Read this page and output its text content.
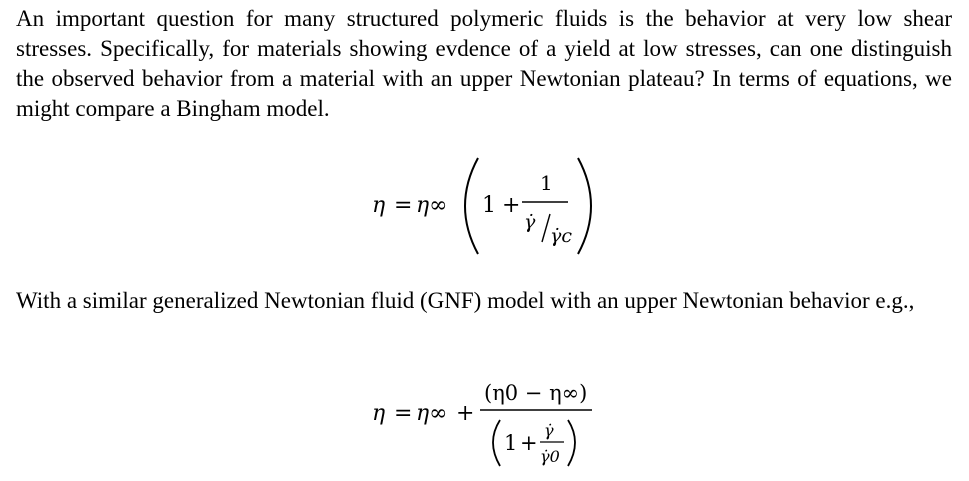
An important question for many structured polymeric fluids is the behavior at very low shear stresses. Specifically, for materials showing evdence of a yield at low stresses, can one distinguish the observed behavior from a material with an upper Newtonian plateau? In terms of equations, we might compare a Bingham model.

η = η∞ 1 +
1
γ̇
γ̇c

With a similar generalized Newtonian fluid (GNF) model with an upper Newtonian behavior e.g.,

η = η∞ +
(η0 − η∞)
1 +
γ̇
γ̇0
